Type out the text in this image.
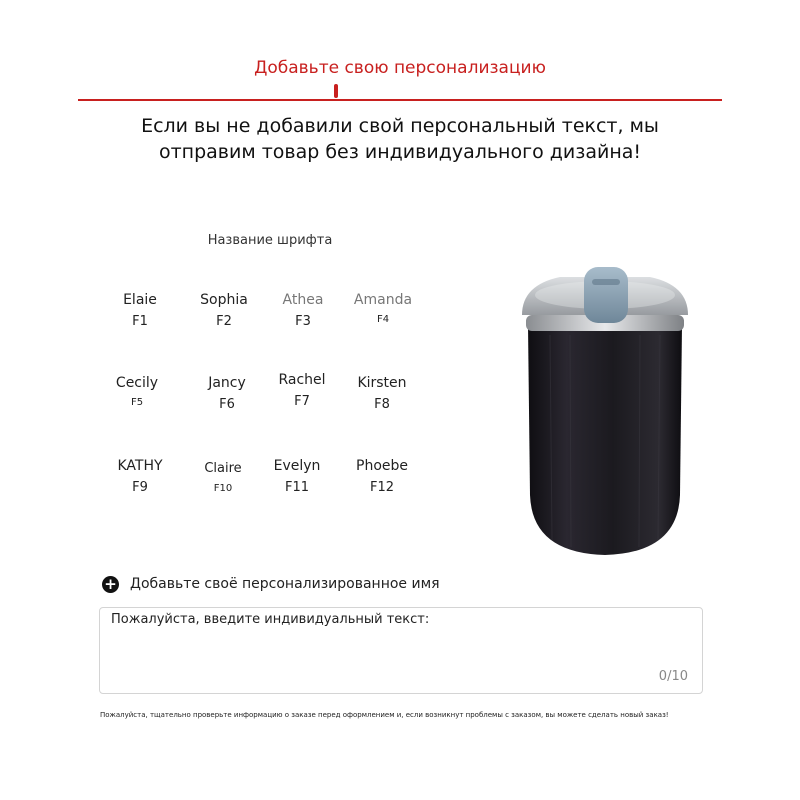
Добавьте свою персонализацию
Если вы не добавили свой персональный текст, мы
отправим товар без индивидуального дизайна!
Название шрифта
Elaie
F1
Sophia
F2
Athea
F3
Amanda
F4
Cecily
F5
Jancy
F6
Rachel
F7
Kirsten
F8
KATHY
F9
Claire
F10
Evelyn
F11
Phoebe
F12
+ Добавьте своё персонализированное имя
Пожалуйста, введите индивидуальный текст:
0/10
Пожалуйста, тщательно проверьте информацию о заказе перед оформлением и, если возникнут проблемы с заказом, вы можете сделать новый заказ!
